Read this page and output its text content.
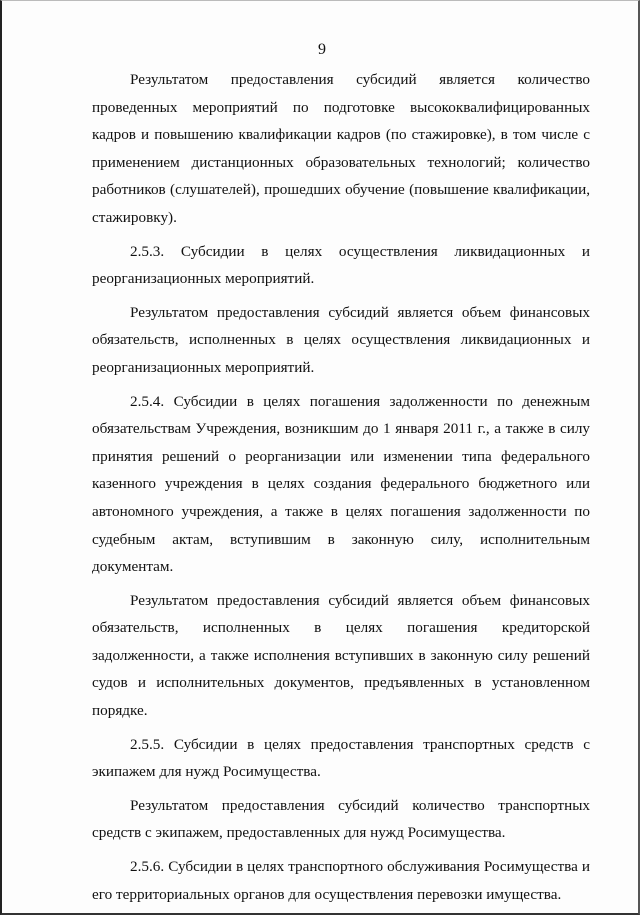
9

Результатом предоставления субсидий является количество проведенных мероприятий по подготовке высококвалифицированных кадров и повышению квалификации кадров (по стажировке), в том числе с применением дистанционных образовательных технологий; количество работников (слушателей), прошедших обучение (повышение квалификации, стажировку).

2.5.3. Субсидии в целях осуществления ликвидационных и реорганизационных мероприятий.

Результатом предоставления субсидий является объем финансовых обязательств, исполненных в целях осуществления ликвидационных и реорганизационных мероприятий.

2.5.4. Субсидии в целях погашения задолженности по денежным обязательствам Учреждения, возникшим до 1 января 2011 г., а также в силу принятия решений о реорганизации или изменении типа федерального казенного учреждения в целях создания федерального бюджетного или автономного учреждения, а также в целях погашения задолженности по судебным актам, вступившим в законную силу, исполнительным документам.

Результатом предоставления субсидий является объем финансовых обязательств, исполненных в целях погашения кредиторской задолженности, а также исполнения вступивших в законную силу решений судов и исполнительных документов, предъявленных в установленном порядке.

2.5.5. Субсидии в целях предоставления транспортных средств с экипажем для нужд Росимущества.

Результатом предоставления субсидий количество транспортных средств с экипажем, предоставленных для нужд Росимущества.

2.5.6. Субсидии в целях транспортного обслуживания Росимущества и его территориальных органов для осуществления перевозки имущества.
